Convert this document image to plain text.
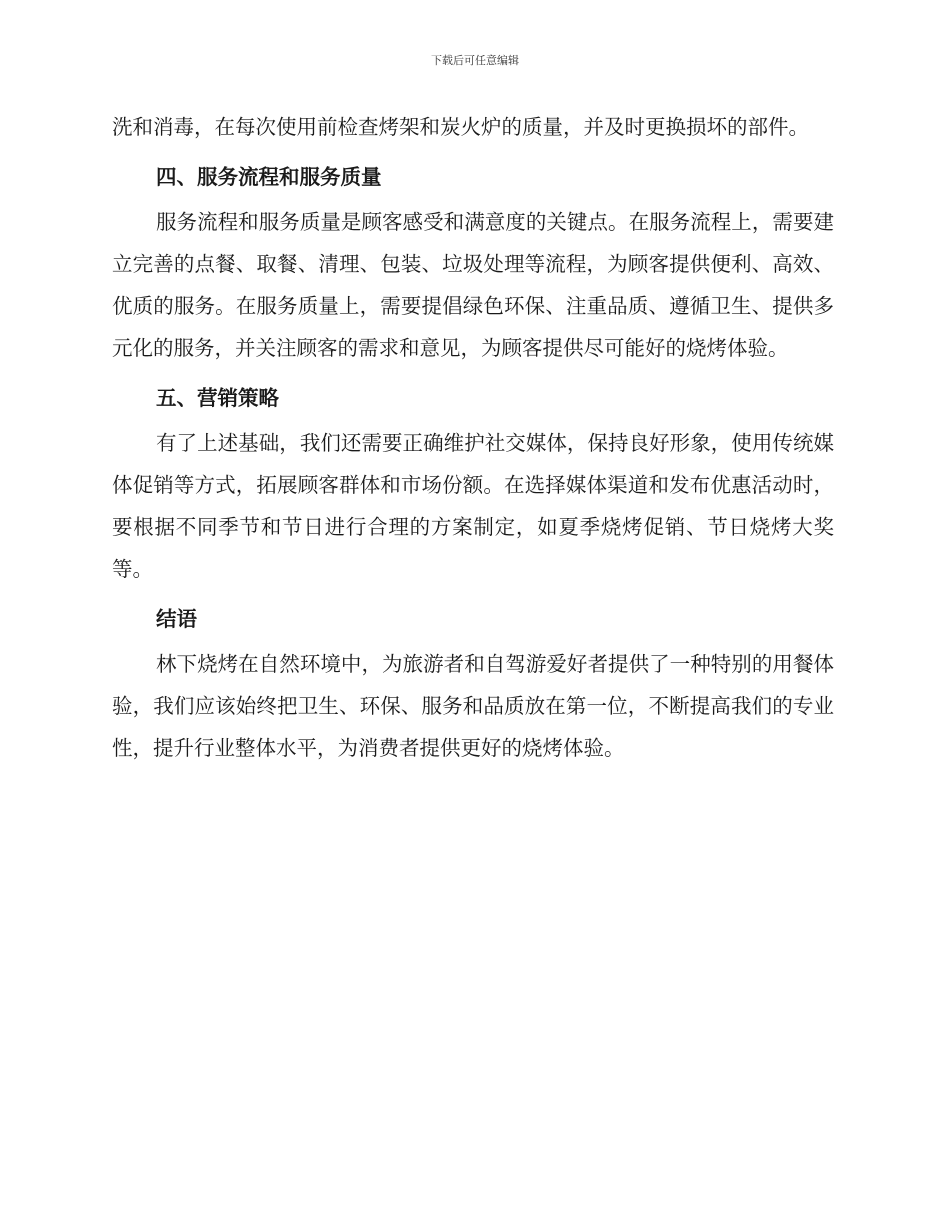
下载后可任意编辑

洗和消毒，在每次使用前检查烤架和炭火炉的质量，并及时更换损坏的部件。

四、服务流程和服务质量

服务流程和服务质量是顾客感受和满意度的关键点。在服务流程上，需要建立完善的点餐、取餐、清理、包装、垃圾处理等流程，为顾客提供便利、高效、优质的服务。在服务质量上，需要提倡绿色环保、注重品质、遵循卫生、提供多元化的服务，并关注顾客的需求和意见，为顾客提供尽可能好的烧烤体验。

五、营销策略

有了上述基础，我们还需要正确维护社交媒体，保持良好形象，使用传统媒体促销等方式，拓展顾客群体和市场份额。在选择媒体渠道和发布优惠活动时，要根据不同季节和节日进行合理的方案制定，如夏季烧烤促销、节日烧烤大奖等。

结语

林下烧烤在自然环境中，为旅游者和自驾游爱好者提供了一种特别的用餐体验，我们应该始终把卫生、环保、服务和品质放在第一位，不断提高我们的专业性，提升行业整体水平，为消费者提供更好的烧烤体验。
